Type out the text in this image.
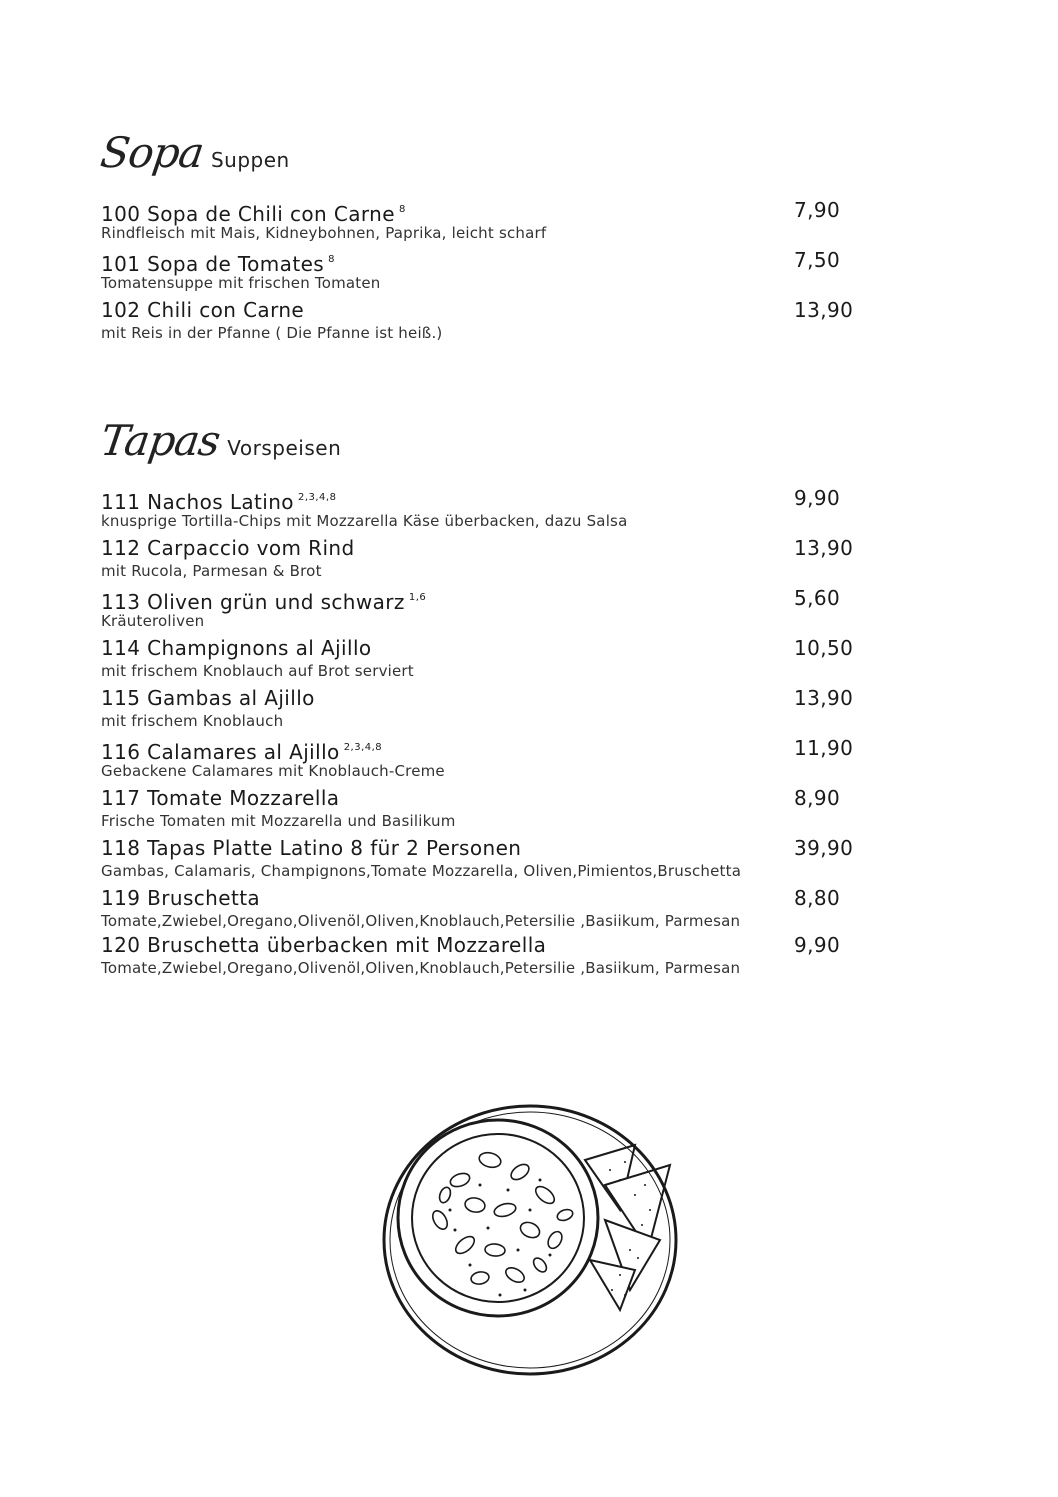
Sopa Suppen
100 Sopa de Chili con Carne $^8$	7,90
Rindfleisch mit Mais, Kidneybohnen, Paprika, leicht scharf
101 Sopa de Tomates $^8$	7,50
Tomatensuppe mit frischen Tomaten
102 Chili con Carne	13,90
mit Reis in der Pfanne ( Die Pfanne ist heiß.)
Tapas Vorspeisen
111 Nachos Latino $^{2,3,4,8}$	9,90
knusprige Tortilla-Chips mit Mozzarella Käse überbacken, dazu Salsa
112 Carpaccio vom Rind	13,90
mit Rucola, Parmesan & Brot
113 Oliven grün und schwarz $^{1,6}$	5,60
Kräuteroliven
114 Champignons al Ajillo	10,50
mit frischem Knoblauch auf Brot serviert
115 Gambas al Ajillo	13,90
mit frischem Knoblauch
116 Calamares al Ajillo $^{2,3,4,8}$	11,90
Gebackene Calamares mit Knoblauch-Creme
117 Tomate Mozzarella	8,90
Frische Tomaten mit Mozzarella und Basilikum
118 Tapas Platte Latino 8 für 2 Personen	39,90
Gambas, Calamaris, Champignons,Tomate Mozzarella, Oliven,Pimientos,Bruschetta
119 Bruschetta	8,80
Tomate,Zwiebel,Oregano,Olivenöl,Oliven,Knoblauch,Petersilie ,Basiikum, Parmesan
120 Bruschetta überbacken mit Mozzarella	9,90
Tomate,Zwiebel,Oregano,Olivenöl,Oliven,Knoblauch,Petersilie ,Basiikum, Parmesan
